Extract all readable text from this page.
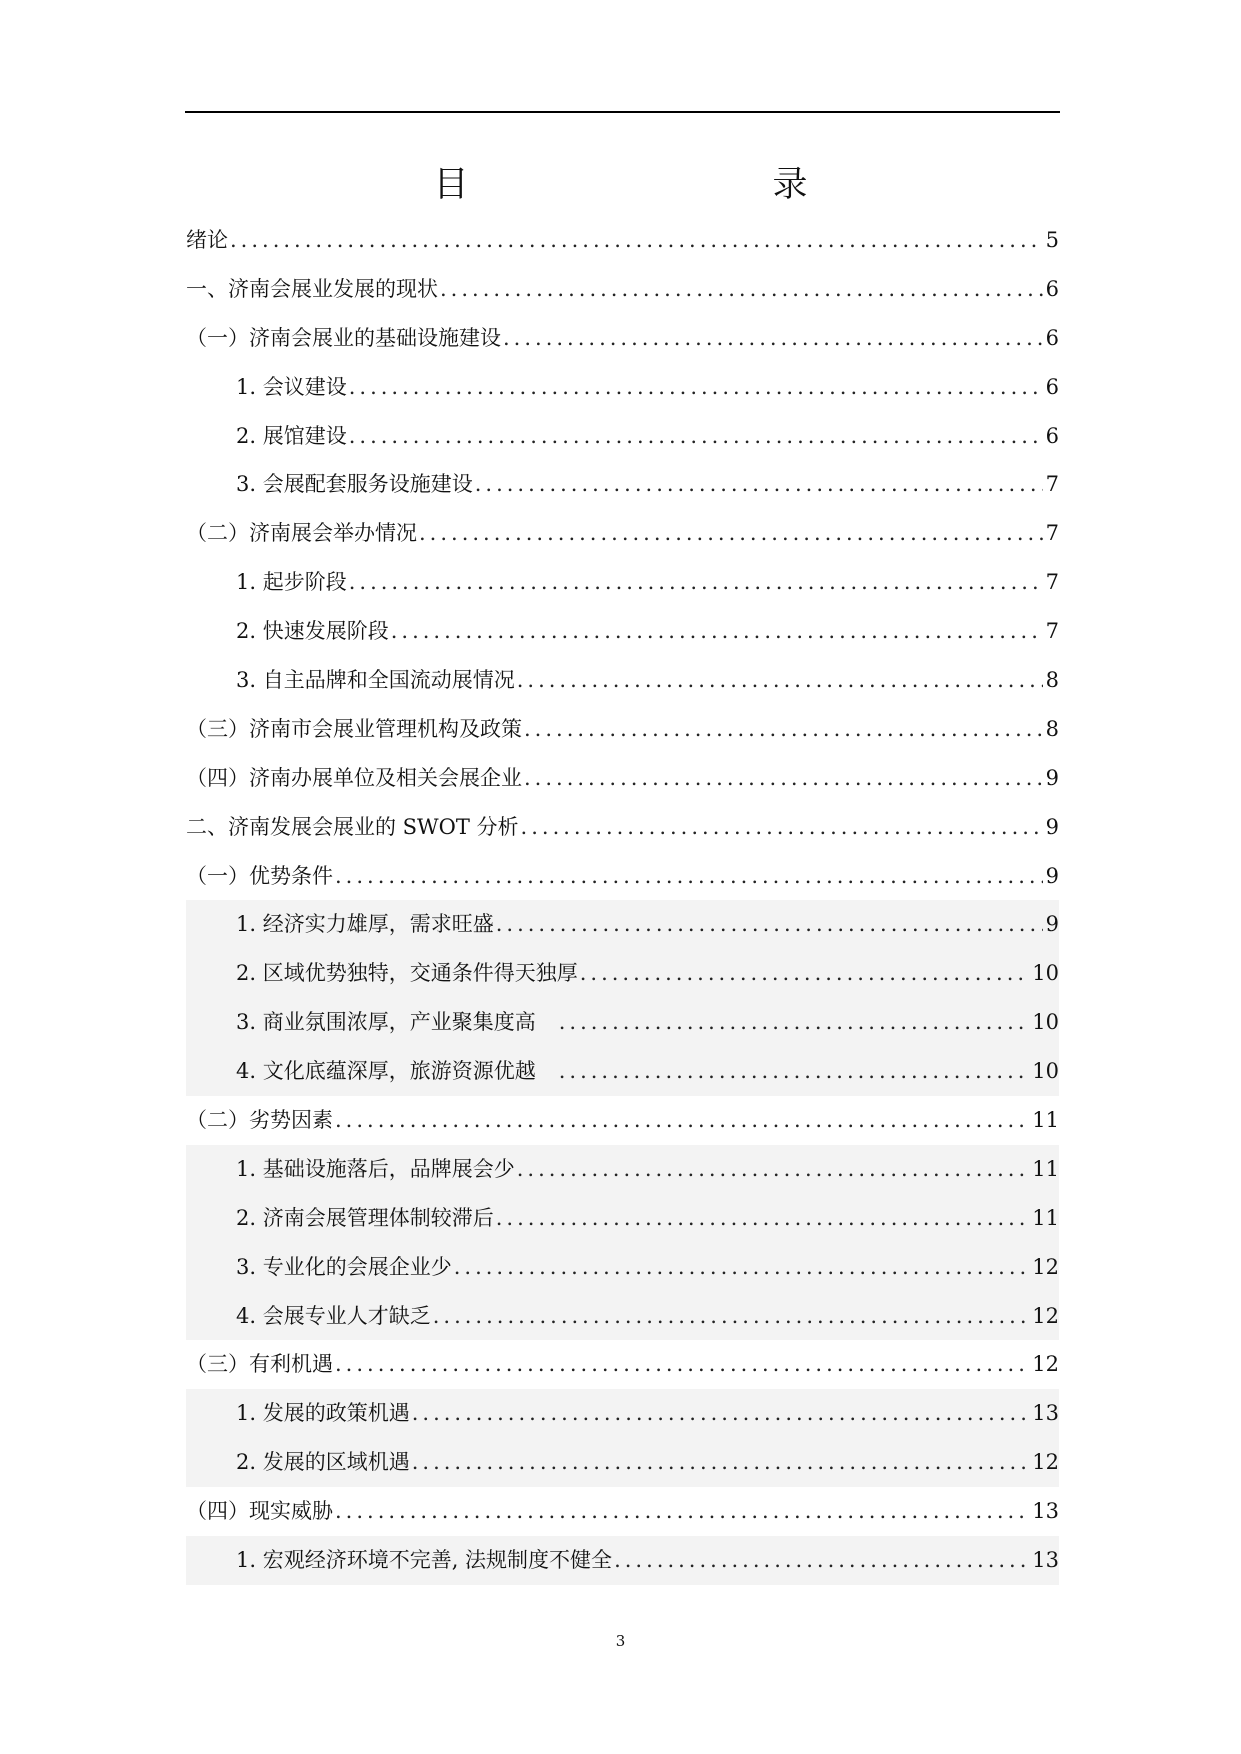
目　　录
绪论 .....	5
一、济南会展业发展的现状 .....	6
（一）济南会展业的基础设施建设 .....	6
1. 会议建设 .....	6
2. 展馆建设 .....	6
3. 会展配套服务设施建设 .....	7
（二）济南展会举办情况 .....	7
1. 起步阶段 .....	7
2. 快速发展阶段 .....	7
3. 自主品牌和全国流动展情况 .....	8
（三）济南市会展业管理机构及政策 .....	8
（四）济南办展单位及相关会展企业 .....	9
二、济南发展会展业的 SWOT 分析 .....	9
（一）优势条件 .....	9
1. 经济实力雄厚，需求旺盛 .....	9
2. 区域优势独特，交通条件得天独厚 .....	10
3. 商业氛围浓厚，产业聚集度高　 .....	10
4. 文化底蕴深厚，旅游资源优越　 .....	10
（二）劣势因素 .....	11
1. 基础设施落后，品牌展会少 .....	11
2. 济南会展管理体制较滞后 .....	11
3. 专业化的会展企业少 .....	12
4. 会展专业人才缺乏 .....	12
（三）有利机遇 .....	12
1. 发展的政策机遇 .....	13
2. 发展的区域机遇 .....	12
（四）现实威胁 .....	13
1. 宏观经济环境不完善, 法规制度不健全 .....	13
3
